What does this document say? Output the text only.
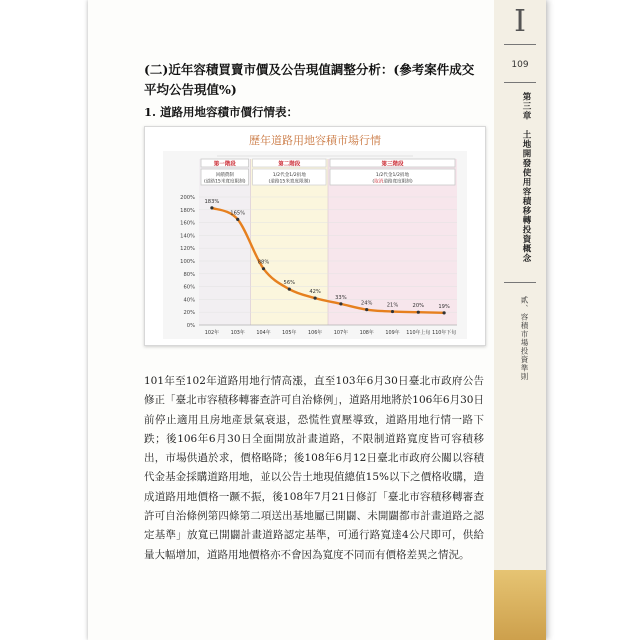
I
109
第三章　土地開發使用容積移轉投資概念
貳、容積市場投資準則
(二)近年容積買賣市價及公告現值調整分析：(參考案件成交平均公告現值%)
1. 道路用地容積市價行情表：
歷年道路用地容積市場行情
第一階段
回饋費制
(道路15米寬度限制)
第二階段
1/2代金1/2捐地
(道路15米寬度限制)
第三階段
1/2代金1/2捐地
(取消道路寬度限制)
0%
20%
40%
60%
80%
100%
120%
140%
160%
180%
200%
183%
165%
88%
56%
42%
33%
24%	21%	20%	19%
102年 103年 104年 105年 106年 107年 108年 109年 110年上旬 110年下旬

101年至102年道路用地行情高漲，直至103年6月30日臺北市政府公告修正「臺北市容積移轉審查許可自治條例」，道路用地將於106年6月30日前停止適用且房地產景氣衰退，恐慌性賣壓導致，道路用地行情一路下跌；後106年6月30日全面開放計畫道路，不限制道路寬度皆可容積移出，市場供過於求，價格略降；後108年6月12日臺北市政府公關以容積代金基金採購道路用地，並以公告土地現值總值15%以下之價格收購，造成道路用地價格一蹶不振，後108年7月21日修訂「臺北市容積移轉審查許可自治條例第四條第二項送出基地屬已開闢、未開闢都市計畫道路之認定基準」放寬已開闢計畫道路認定基準，可通行路寬達4公尺即可，供給量大幅增加，道路用地價格亦不會因為寬度不同而有價格差異之情況。
